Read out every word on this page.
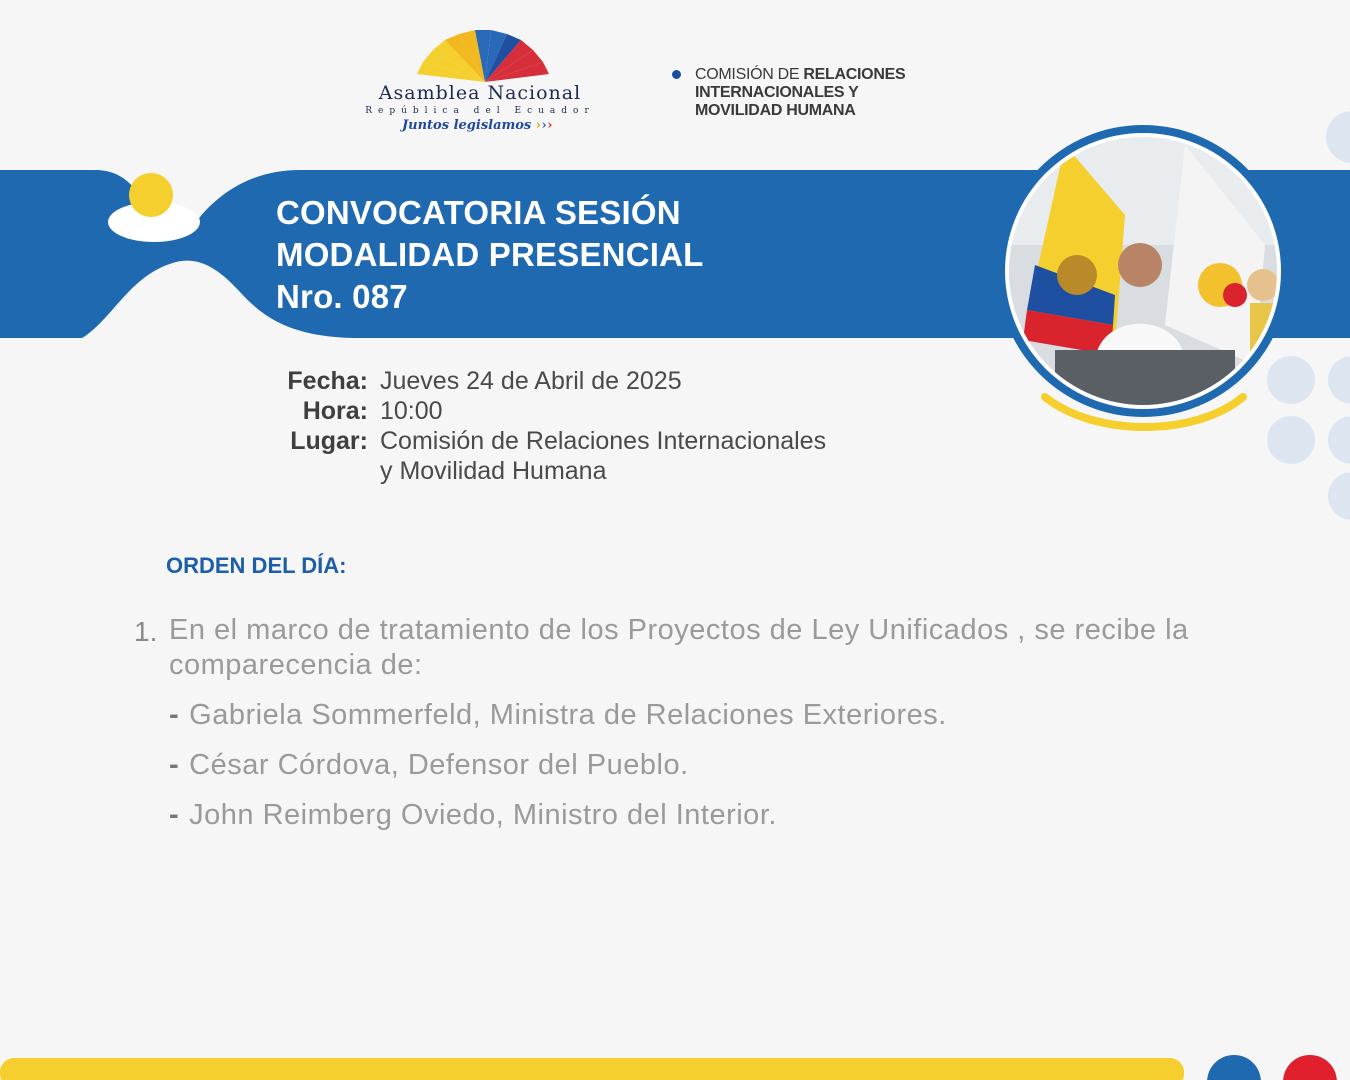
Asamblea Nacional
República del Ecuador
Juntos legislamos › › ›
COMISIÓN DE RELACIONES
INTERNACIONALES Y
MOVILIDAD HUMANA
CONVOCATORIA SESIÓN
MODALIDAD PRESENCIAL
Nro. 087
Fecha: Jueves 24 de Abril de 2025
Hora: 10:00
Lugar: Comisión de Relaciones Internacionales
y Movilidad Humana
ORDEN DEL DÍA:
1. En el marco de tratamiento de los Proyectos de Ley Unificados , se recibe la comparecencia de:
- Gabriela Sommerfeld, Ministra de Relaciones Exteriores.
- César Córdova, Defensor del Pueblo.
- John Reimberg Oviedo, Ministro del Interior.
